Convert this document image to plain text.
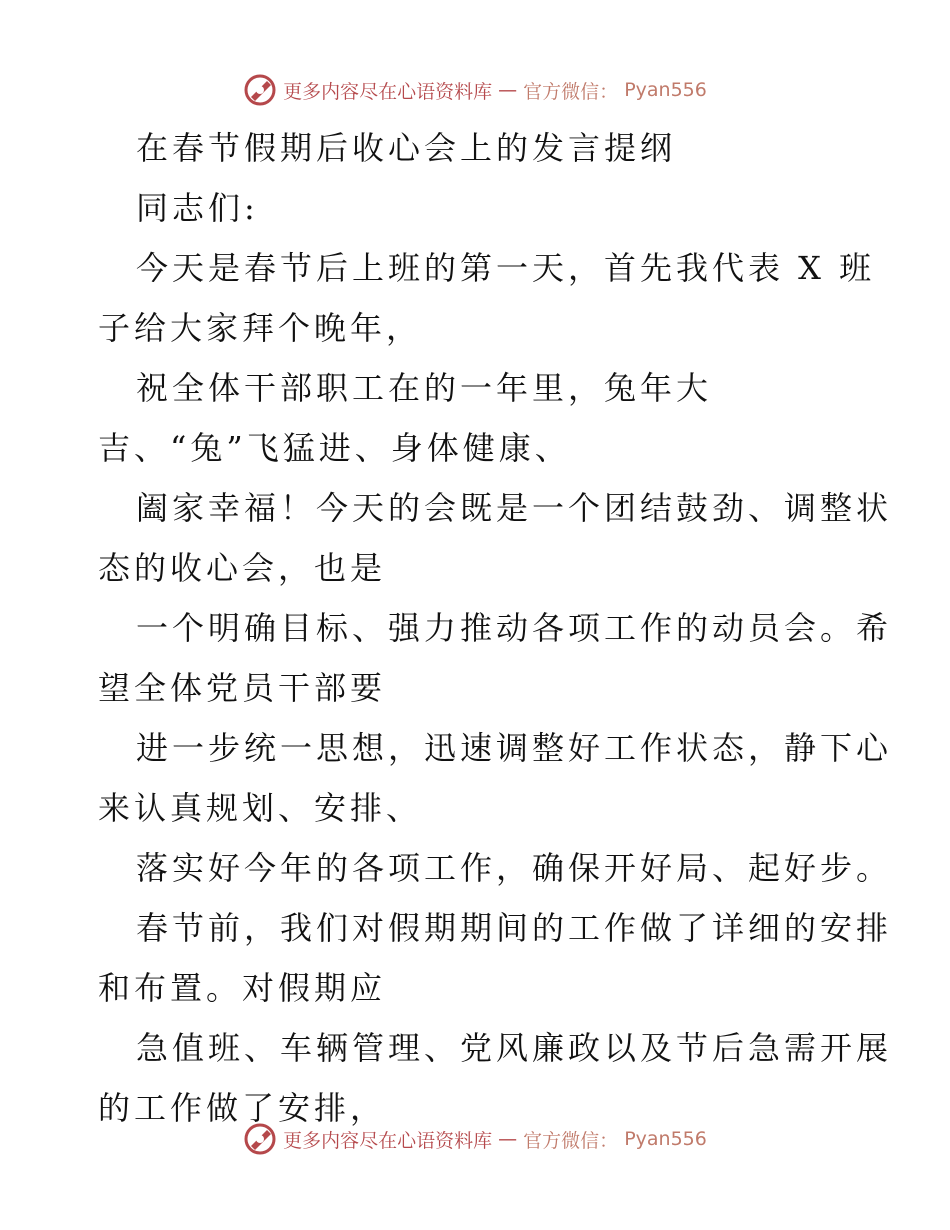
更多内容尽在心语资料库 — 官方微信： Pyan556
在春节假期后收心会上的发言提纲
同志们:
今天是春节后上班的第一天，首先我代表 X 班
子给大家拜个晚年，
祝全体干部职工在的一年里，兔年大
吉、“兔”飞猛进、身体健康、
阖家幸福！今天的会既是一个团结鼓劲、调整状
态的收心会，也是
一个明确目标、强力推动各项工作的动员会。希
望全体党员干部要
进一步统一思想，迅速调整好工作状态，静下心
来认真规划、安排、
落实好今年的各项工作，确保开好局、起好步。
春节前，我们对假期期间的工作做了详细的安排
和布置。对假期应
急值班、车辆管理、党风廉政以及节后急需开展
的工作做了安排，
更多内容尽在心语资料库 — 官方微信： Pyan556
